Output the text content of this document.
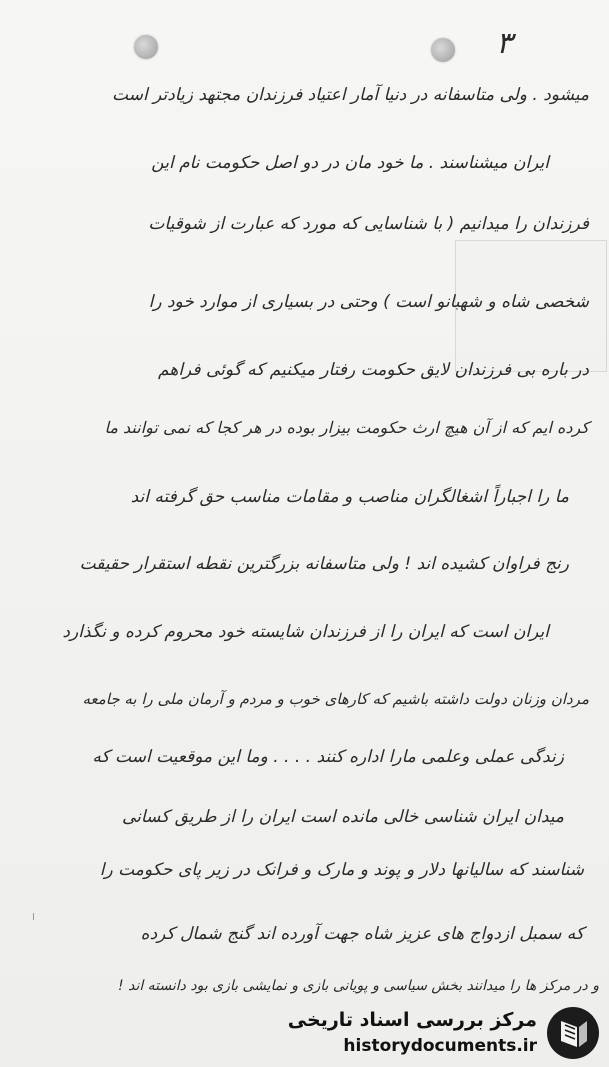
۳
میشود . ولی متاسفانه در دنیا آمار اعتیاد فرزندان مجتهد زیادتر است
ایران میشناسند . ما خود مان در دو اصل حکومت نام این
فرزندان را میدانیم ( با شناسایی که مورد که عبارت از شوقیات
شخصی شاه و شهبانو است ) وحتی در بسیاری از موارد خود را
در باره بی فرزندان لایق حکومت رفتار میکنیم که گوئی فراهم
کرده ایم که از آن هیچ ارث حکومت بیزار بوده در هر کجا که نمی توانند ما
ما را اجباراً اشغالگران مناصب و مقامات مناسب حق گرفته اند
رنج فراوان کشیده اند ! ولی متاسفانه بزرگترین نقطه استقرار حقیقت
ایران است که ایران را از فرزندان شایسته خود محروم کرده و نگذارد
مردان وزنان دولت داشته باشیم که کارهای خوب و مردم و آرمان ملی را به جامعه
زندگی عملی وعلمی مارا اداره کنند . . . . وما این موقعیت است که
میدان ایران شناسی خالی مانده است ایران را از طریق کسانی
شناسند که سالیانها دلار و پوند و مارک و فرانک در زیر پای حکومت را
که سمبل ازدواج های عزیز شاه جهت آورده اند گنج شمال کرده
و در مرکز ها را میدانند بخش سیاسی و پویانی بازی و نمایشی بازی بود دانسته اند !
مرکز بررسی اسناد تاریخی
historydocuments.ir
